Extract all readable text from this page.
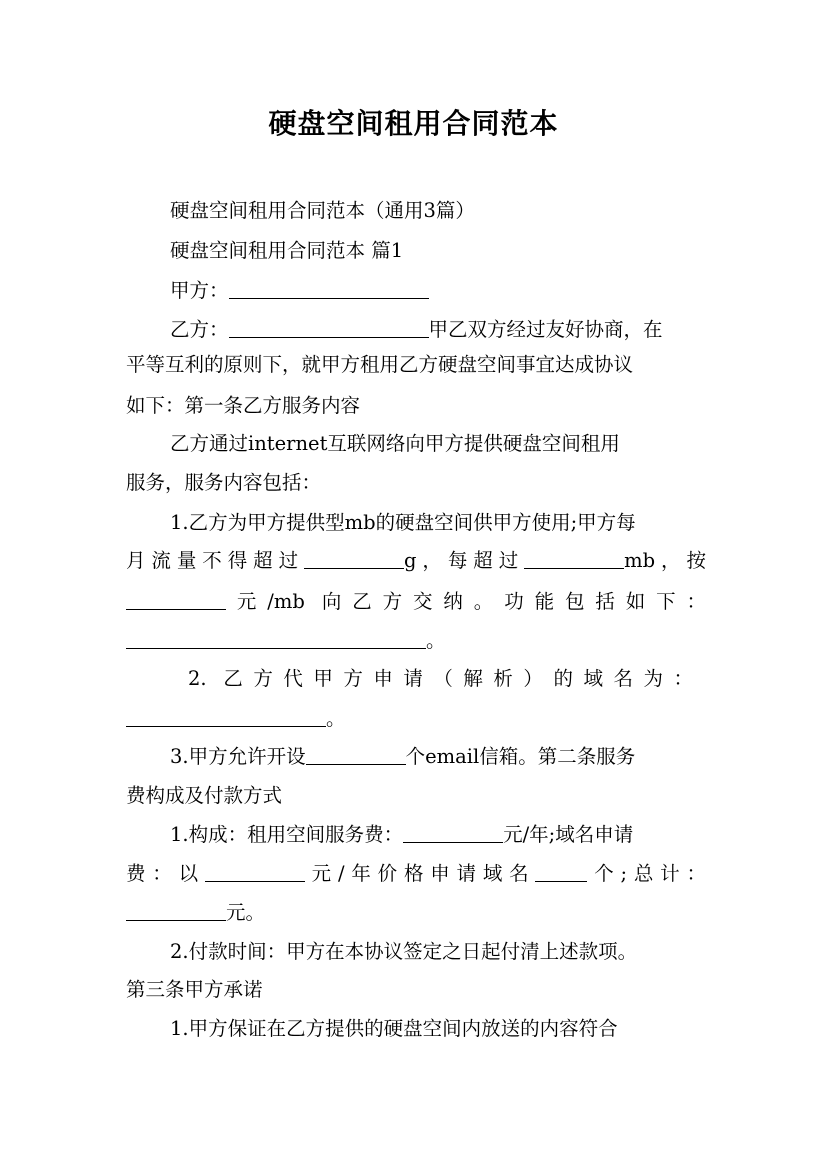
硬盘空间租用合同范本
硬盘空间租用合同范本（通用3篇）
硬盘空间租用合同范本 篇1
甲方：
乙方：	甲乙双方经过友好协商，在
平等互利的原则下，就甲方租用乙方硬盘空间事宜达成协议
如下：第一条乙方服务内容
乙方通过internet互联网络向甲方提供硬盘空间租用
服务，服务内容包括：
1.乙方为甲方提供型mb的硬盘空间供甲方使用;甲方每
月流量不得超过	g，每超过	mb，按
元/mb 向乙方交纳。功能包括如下：
。
2. 乙方代甲方申请（解析）的域名为：
。
3.甲方允许开设	个email信箱。第二条服务
费构成及付款方式
1.构成：租用空间服务费：	元/年;域名申请
费：以	元/年价格申请域名	个;总计：
元。
2.付款时间：甲方在本协议签定之日起付清上述款项。
第三条甲方承诺
1.甲方保证在乙方提供的硬盘空间内放送的内容符合
